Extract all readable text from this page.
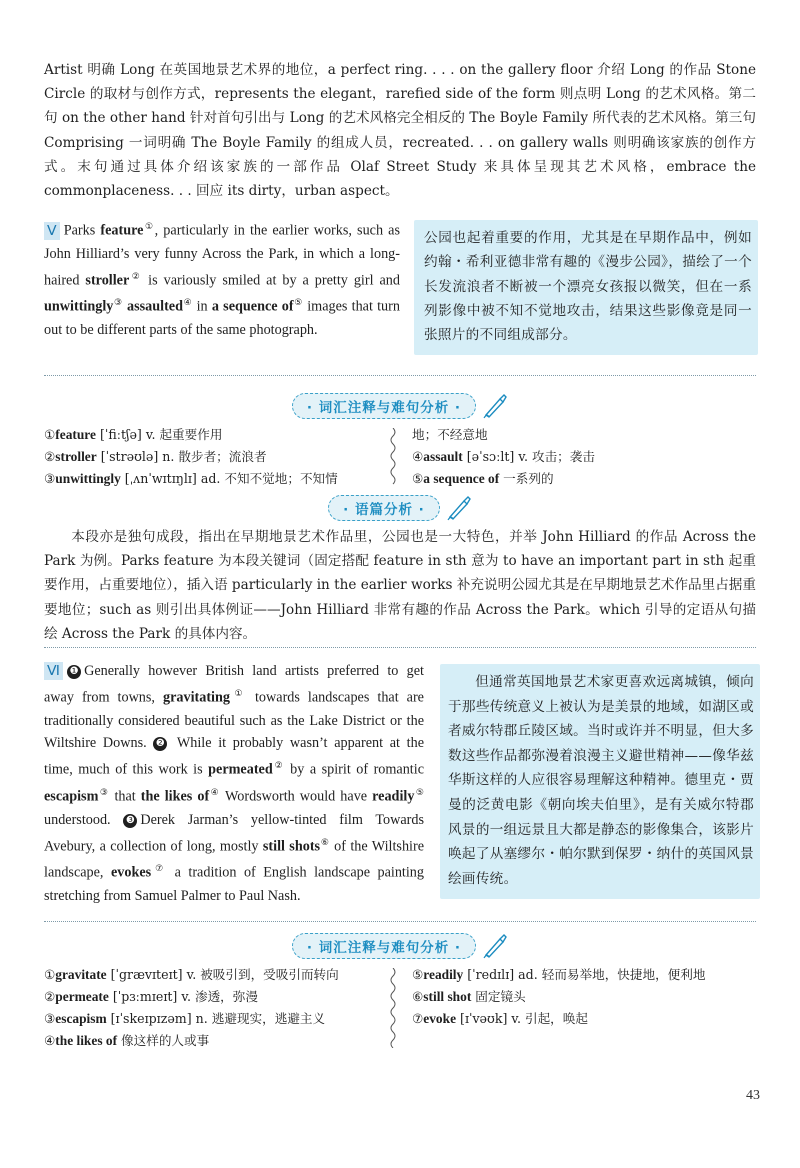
Artist 明确 Long 在英国地景艺术界的地位，a perfect ring. . . . on the gallery floor 介绍 Long 的作品 Stone Circle 的取材与创作方式，represents the elegant，rarefied side of the form 则点明 Long 的艺术风格。第二句 on the other hand 针对首句引出与 Long 的艺术风格完全相反的 The Boyle Family 所代表的艺术风格。第三句 Comprising 一词明确 The Boyle Family 的组成人员，recreated. . . on gallery walls 则明确该家族的创作方式。末句通过具体介绍该家族的一部作品 Olaf Street Study 来具体呈现其艺术风格，embrace the commonplaceness. . . 回应 its dirty，urban aspect。
Ⅴ Parks feature①, particularly in the earlier works, such as John Hilliard’s very funny Across the Park, in which a long-haired stroller② is variously smiled at by a pretty girl and unwittingly③ assaulted④ in a sequence of⑤ images that turn out to be different parts of the same photograph.
公园也起着重要的作用，尤其是在早期作品中，例如约翰・希利亚德非常有趣的《漫步公园》，描绘了一个长发流浪者不断被一个漂亮女孩报以微笑，但在一系列影像中被不知不觉地攻击，结果这些影像竟是同一张照片的不同组成部分。
· 词汇注释与难句分析 ·
①feature [ˈfiːtʃə] v. 起重要作用
②stroller [ˈstrəʊlə] n. 散步者；流浪者
③unwittingly [ˌʌnˈwɪtɪŋlɪ] ad. 不知不觉地；不知情
地；不经意地
④assault [əˈsɔːlt] v. 攻击；袭击
⑤a sequence of 一系列的
· 语篇分析 ·
本段亦是独句成段，指出在早期地景艺术作品里，公园也是一大特色，并举 John Hilliard 的作品 Across the Park 为例。Parks feature 为本段关键词（固定搭配 feature in sth 意为 to have an important part in sth 起重要作用，占重要地位），插入语 particularly in the earlier works 补充说明公园尤其是在早期地景艺术作品里占据重要地位；such as 则引出具体例证——John Hilliard 非常有趣的作品 Across the Park。which 引导的定语从句描绘 Across the Park 的具体内容。
Ⅵ ❶ Generally however British land artists preferred to get away from towns, gravitating① towards landscapes that are traditionally considered beautiful such as the Lake District or the Wiltshire Downs. ❷ While it probably wasn’t apparent at the time, much of this work is permeated② by a spirit of romantic escapism③ that the likes of④ Wordsworth would have readily⑤ understood. ❸ Derek Jarman’s yellow-tinted film Towards Avebury, a collection of long, mostly still shots⑥ of the Wiltshire landscape, evokes⑦ a tradition of English landscape painting stretching from Samuel Palmer to Paul Nash.
但通常英国地景艺术家更喜欢远离城镇，倾向于那些传统意义上被认为是美景的地域，如湖区或者威尔特郡丘陵区域。当时或许并不明显，但大多数这些作品都弥漫着浪漫主义避世精神——像华兹华斯这样的人应很容易理解这种精神。德里克・贾曼的泛黄电影《朝向埃夫伯里》，是有关威尔特郡风景的一组远景且大都是静态的影像集合，该影片唤起了从塞缪尔・帕尔默到保罗・纳什的英国风景绘画传统。
· 词汇注释与难句分析 ·
①gravitate [ˈgrævɪteɪt] v. 被吸引到，受吸引而转向
②permeate [ˈpɜːmɪeɪt] v. 渗透，弥漫
③escapism [ɪˈskeɪpɪzəm] n. 逃避现实，逃避主义
④the likes of 像这样的人或事
⑤readily [ˈredɪlɪ] ad. 轻而易举地，快捷地，便利地
⑥still shot 固定镜头
⑦evoke [ɪˈvəʊk] v. 引起，唤起
43
